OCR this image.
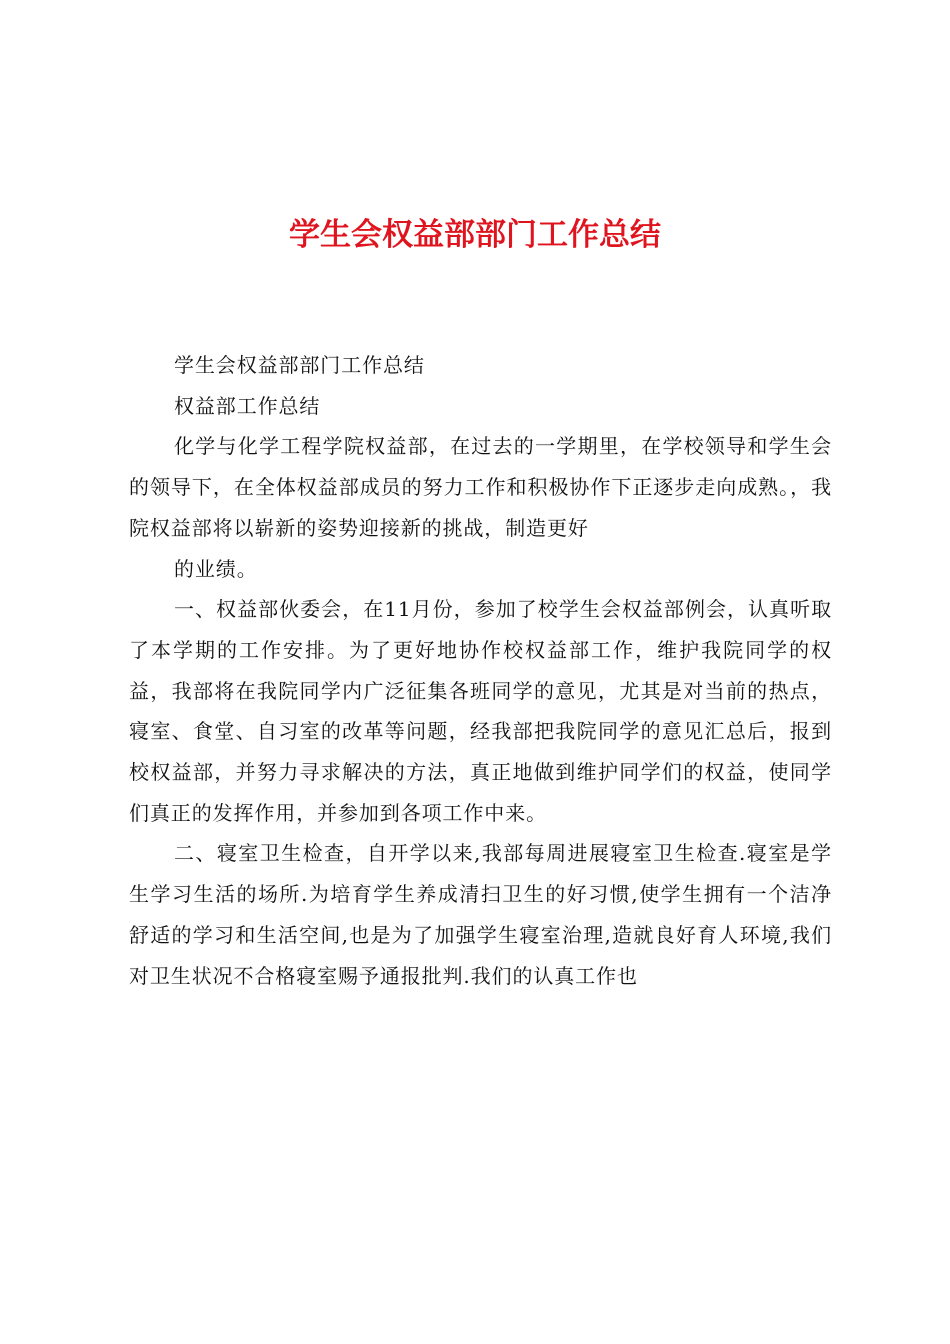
学生会权益部部门工作总结

学生会权益部部门工作总结

权益部工作总结

化学与化学工程学院权益部，在过去的一学期里，在学校领导和学生会的领导下，在全体权益部成员的努力工作和积极协作下正逐步走向成熟。，我院权益部将以崭新的姿势迎接新的挑战，制造更好

的业绩。

一、权益部伙委会，在11月份，参加了校学生会权益部例会，认真听取了本学期的工作安排。为了更好地协作校权益部工作，维护我院同学的权益，我部将在我院同学内广泛征集各班同学的意见，尤其是对当前的热点，寝室、食堂、自习室的改革等问题，经我部把我院同学的意见汇总后，报到校权益部，并努力寻求解决的方法，真正地做到维护同学们的权益，使同学们真正的发挥作用，并参加到各项工作中来。

二、寝室卫生检查，自开学以来,我部每周进展寝室卫生检查.寝室是学生学习生活的场所.为培育学生养成清扫卫生的好习惯,使学生拥有一个洁净舒适的学习和生活空间,也是为了加强学生寝室治理,造就良好育人环境,我们对卫生状况不合格寝室赐予通报批判.我们的认真工作也
